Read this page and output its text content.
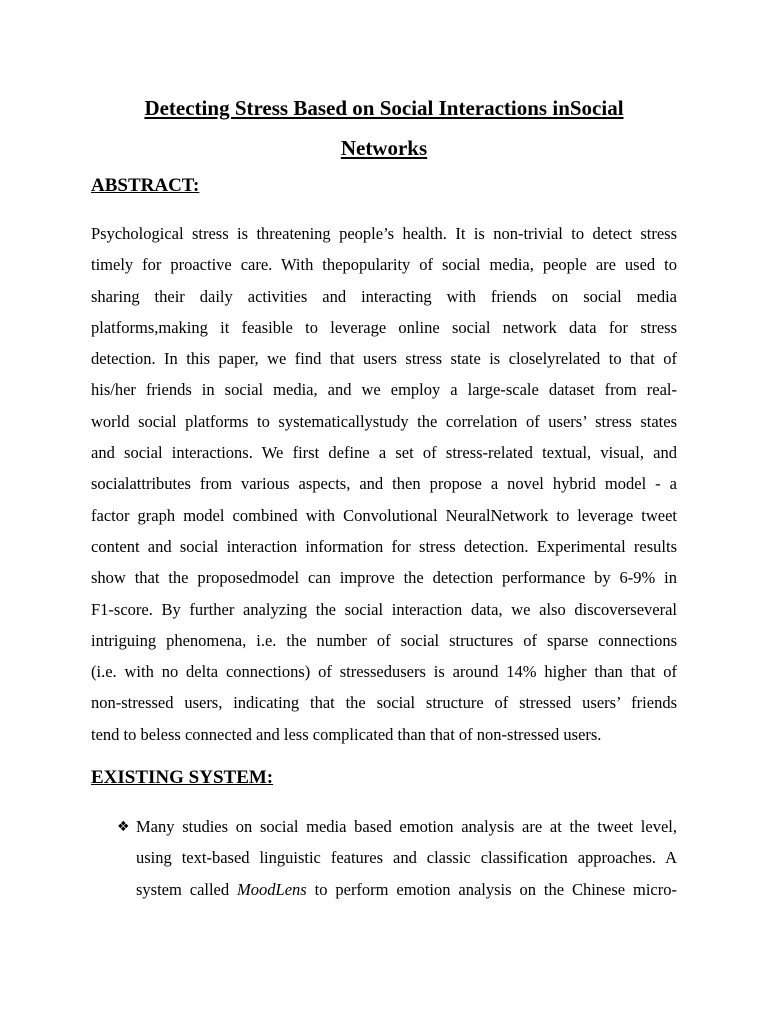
Detecting Stress Based on Social Interactions inSocial
Networks
ABSTRACT:

Psychological stress is threatening people’s health. It is non-trivial to detect stress
timely for proactive care. With thepopularity of social media, people are used to
sharing their daily activities and interacting with friends on social media
platforms,making it feasible to leverage online social network data for stress
detection. In this paper, we find that users stress state is closelyrelated to that of
his/her friends in social media, and we employ a large-scale dataset from real-
world social platforms to systematicallystudy the correlation of users’ stress states
and social interactions. We first define a set of stress-related textual, visual, and
socialattributes from various aspects, and then propose a novel hybrid model - a
factor graph model combined with Convolutional NeuralNetwork to leverage tweet
content and social interaction information for stress detection. Experimental results
show that the proposedmodel can improve the detection performance by 6-9% in
F1-score. By further analyzing the social interaction data, we also discoverseveral
intriguing phenomena, i.e. the number of social structures of sparse connections
(i.e. with no delta connections) of stressedusers is around 14% higher than that of
non-stressed users, indicating that the social structure of stressed users’ friends
tend to beless connected and less complicated than that of non-stressed users.

EXISTING SYSTEM:
❖ Many studies on social media based emotion analysis are at the tweet level,
using text-based linguistic features and classic classification approaches. A
system called MoodLens to perform emotion analysis on the Chinese micro-
